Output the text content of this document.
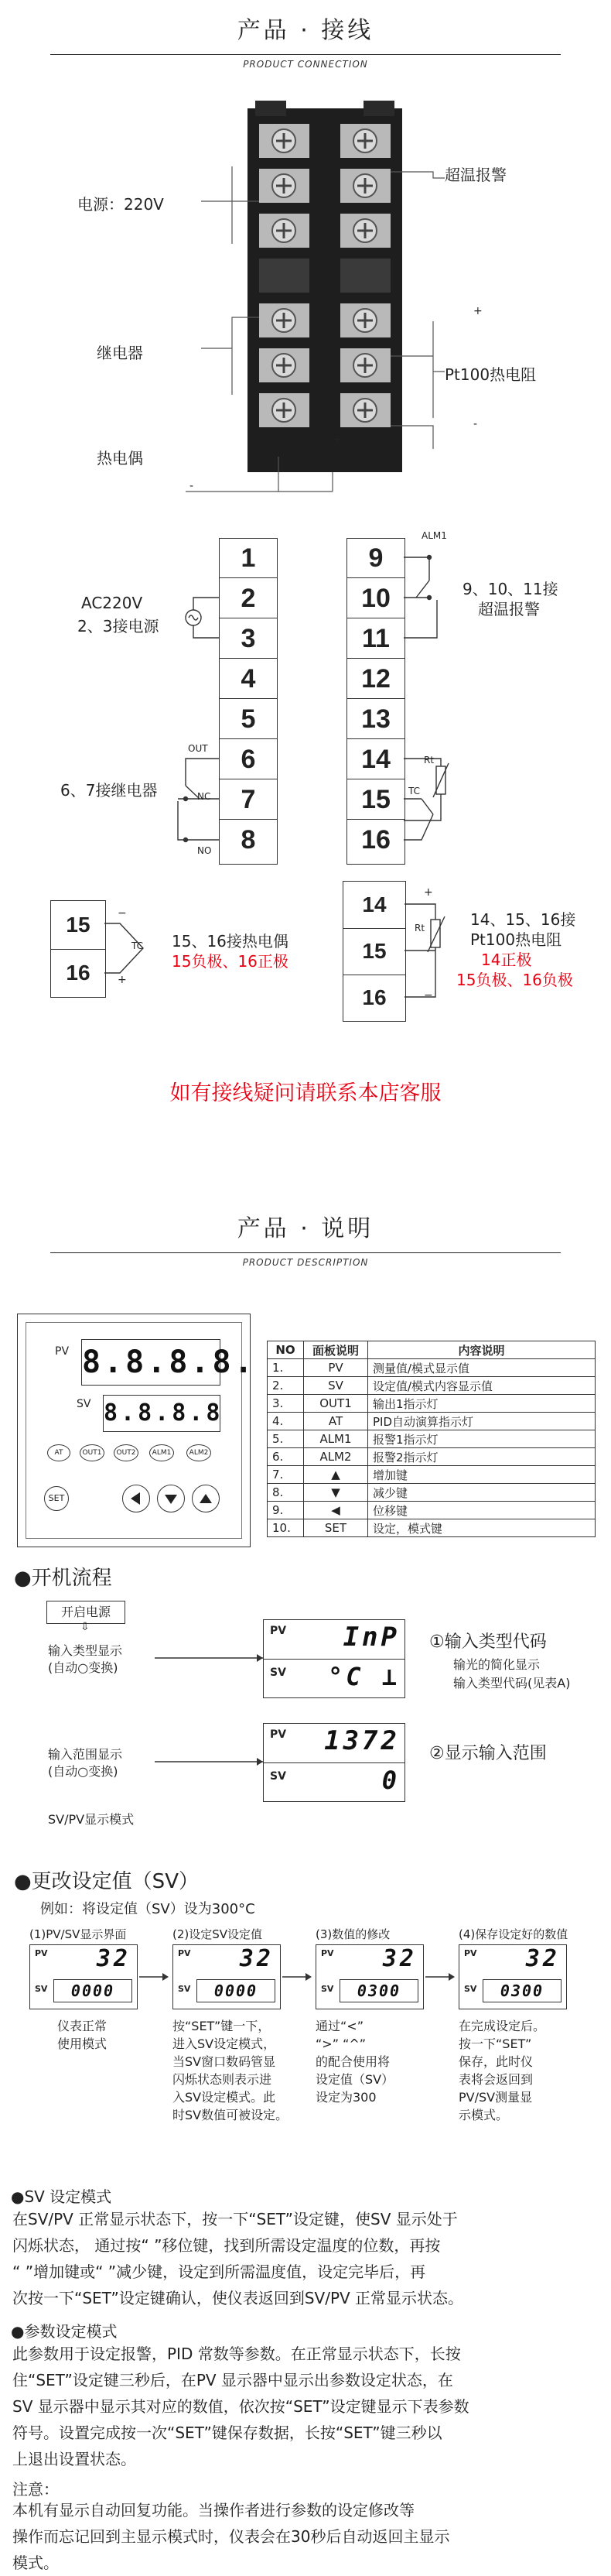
产品 · 接线
PRODUCT CONNECTION
超温报警
电源：220V
继电器
Pt100热电阻
热电偶
+
-
+
-
1
2
3
4
5
6
7
8
9
10
11
12
13
14
15
16
AC220V
2、3接电源
6、7接继电器
OUT
NC
NO
ALM1
9、10、11接
超温报警
Rt
TC
15
16
−
+
TC 15、16接热电偶
15负极、16正极
14
15
16
+
Rt
−
14、15、16接
Pt100热电阻
14正极
15负极、16负极
如有接线疑问请联系本店客服
产品 · 说明
PRODUCT DESCRIPTION
PV 8.8.8.8.
SV 8.8.8.8
AT	OUT1	OUT2	ALM1	ALM2
SET
NO	面板说明	内容说明
1.	PV	测量值/模式显示值
2.	SV	设定值/模式内容显示值
3.	OUT1	输出1指示灯
4.	AT	PID自动演算指示灯
5.	ALM1	报警1指示灯
6.	ALM2	报警2指示灯
7.	▲	增加键
8.	▼	减少键
9.	◀	位移键
10.	SET	设定，模式键
●开机流程
开启电源
⇩
输入类型显示
(自动○变换)
PV	InP
SV	°C ⊥
①输入类型代码
输光的简化显示
输入类型代码(见表A)
输入范围显示
(自动○变换)
PV	1372
SV	0
②显示输入范围
SV/PV显示模式
●更改设定值（SV）
例如：将设定值（SV）设为300°C
(1)PV/SV显示界面
PV	32
SV	0000
仪表正常
使用模式
(2)设定SV设定值
PV	32
SV	0000
按“SET”键一下，
进入SV设定模式，
当SV窗口数码管显
闪烁状态则表示进
入SV设定模式。此
时SV数值可被设定。
(3)数值的修改
PV	32
SV	0300
通过“<”
“>” “^”
的配合使用将
设定值（SV）
设定为300
(4)保存设定好的数值
PV	32
SV	0300
在完成设定后。
按一下“SET”
保存，此时仪
表将会返回到
PV/SV测量显
示模式。
●SV 设定模式
在SV/PV 正常显示状态下，按一下“SET”设定键，使SV 显示处于
闪烁状态， 通过按“ ”移位键，找到所需设定温度的位数，再按
“ ”增加键或“ ”减少键，设定到所需温度值，设定完毕后，再
次按一下“SET”设定键确认，使仪表返回到SV/PV 正常显示状态。
●参数设定模式
此参数用于设定报警，PID 常数等参数。在正常显示状态下，长按
住“SET”设定键三秒后，在PV 显示器中显示出参数设定状态，在
SV 显示器中显示其对应的数值，依次按“SET”设定键显示下表参数
符号。设置完成按一次“SET”键保存数据，长按“SET”键三秒以
上退出设置状态。
注意：
本机有显示自动回复功能。当操作者进行参数的设定修改等
操作而忘记回到主显示模式时，仪表会在30秒后自动返回主显示
模式。
